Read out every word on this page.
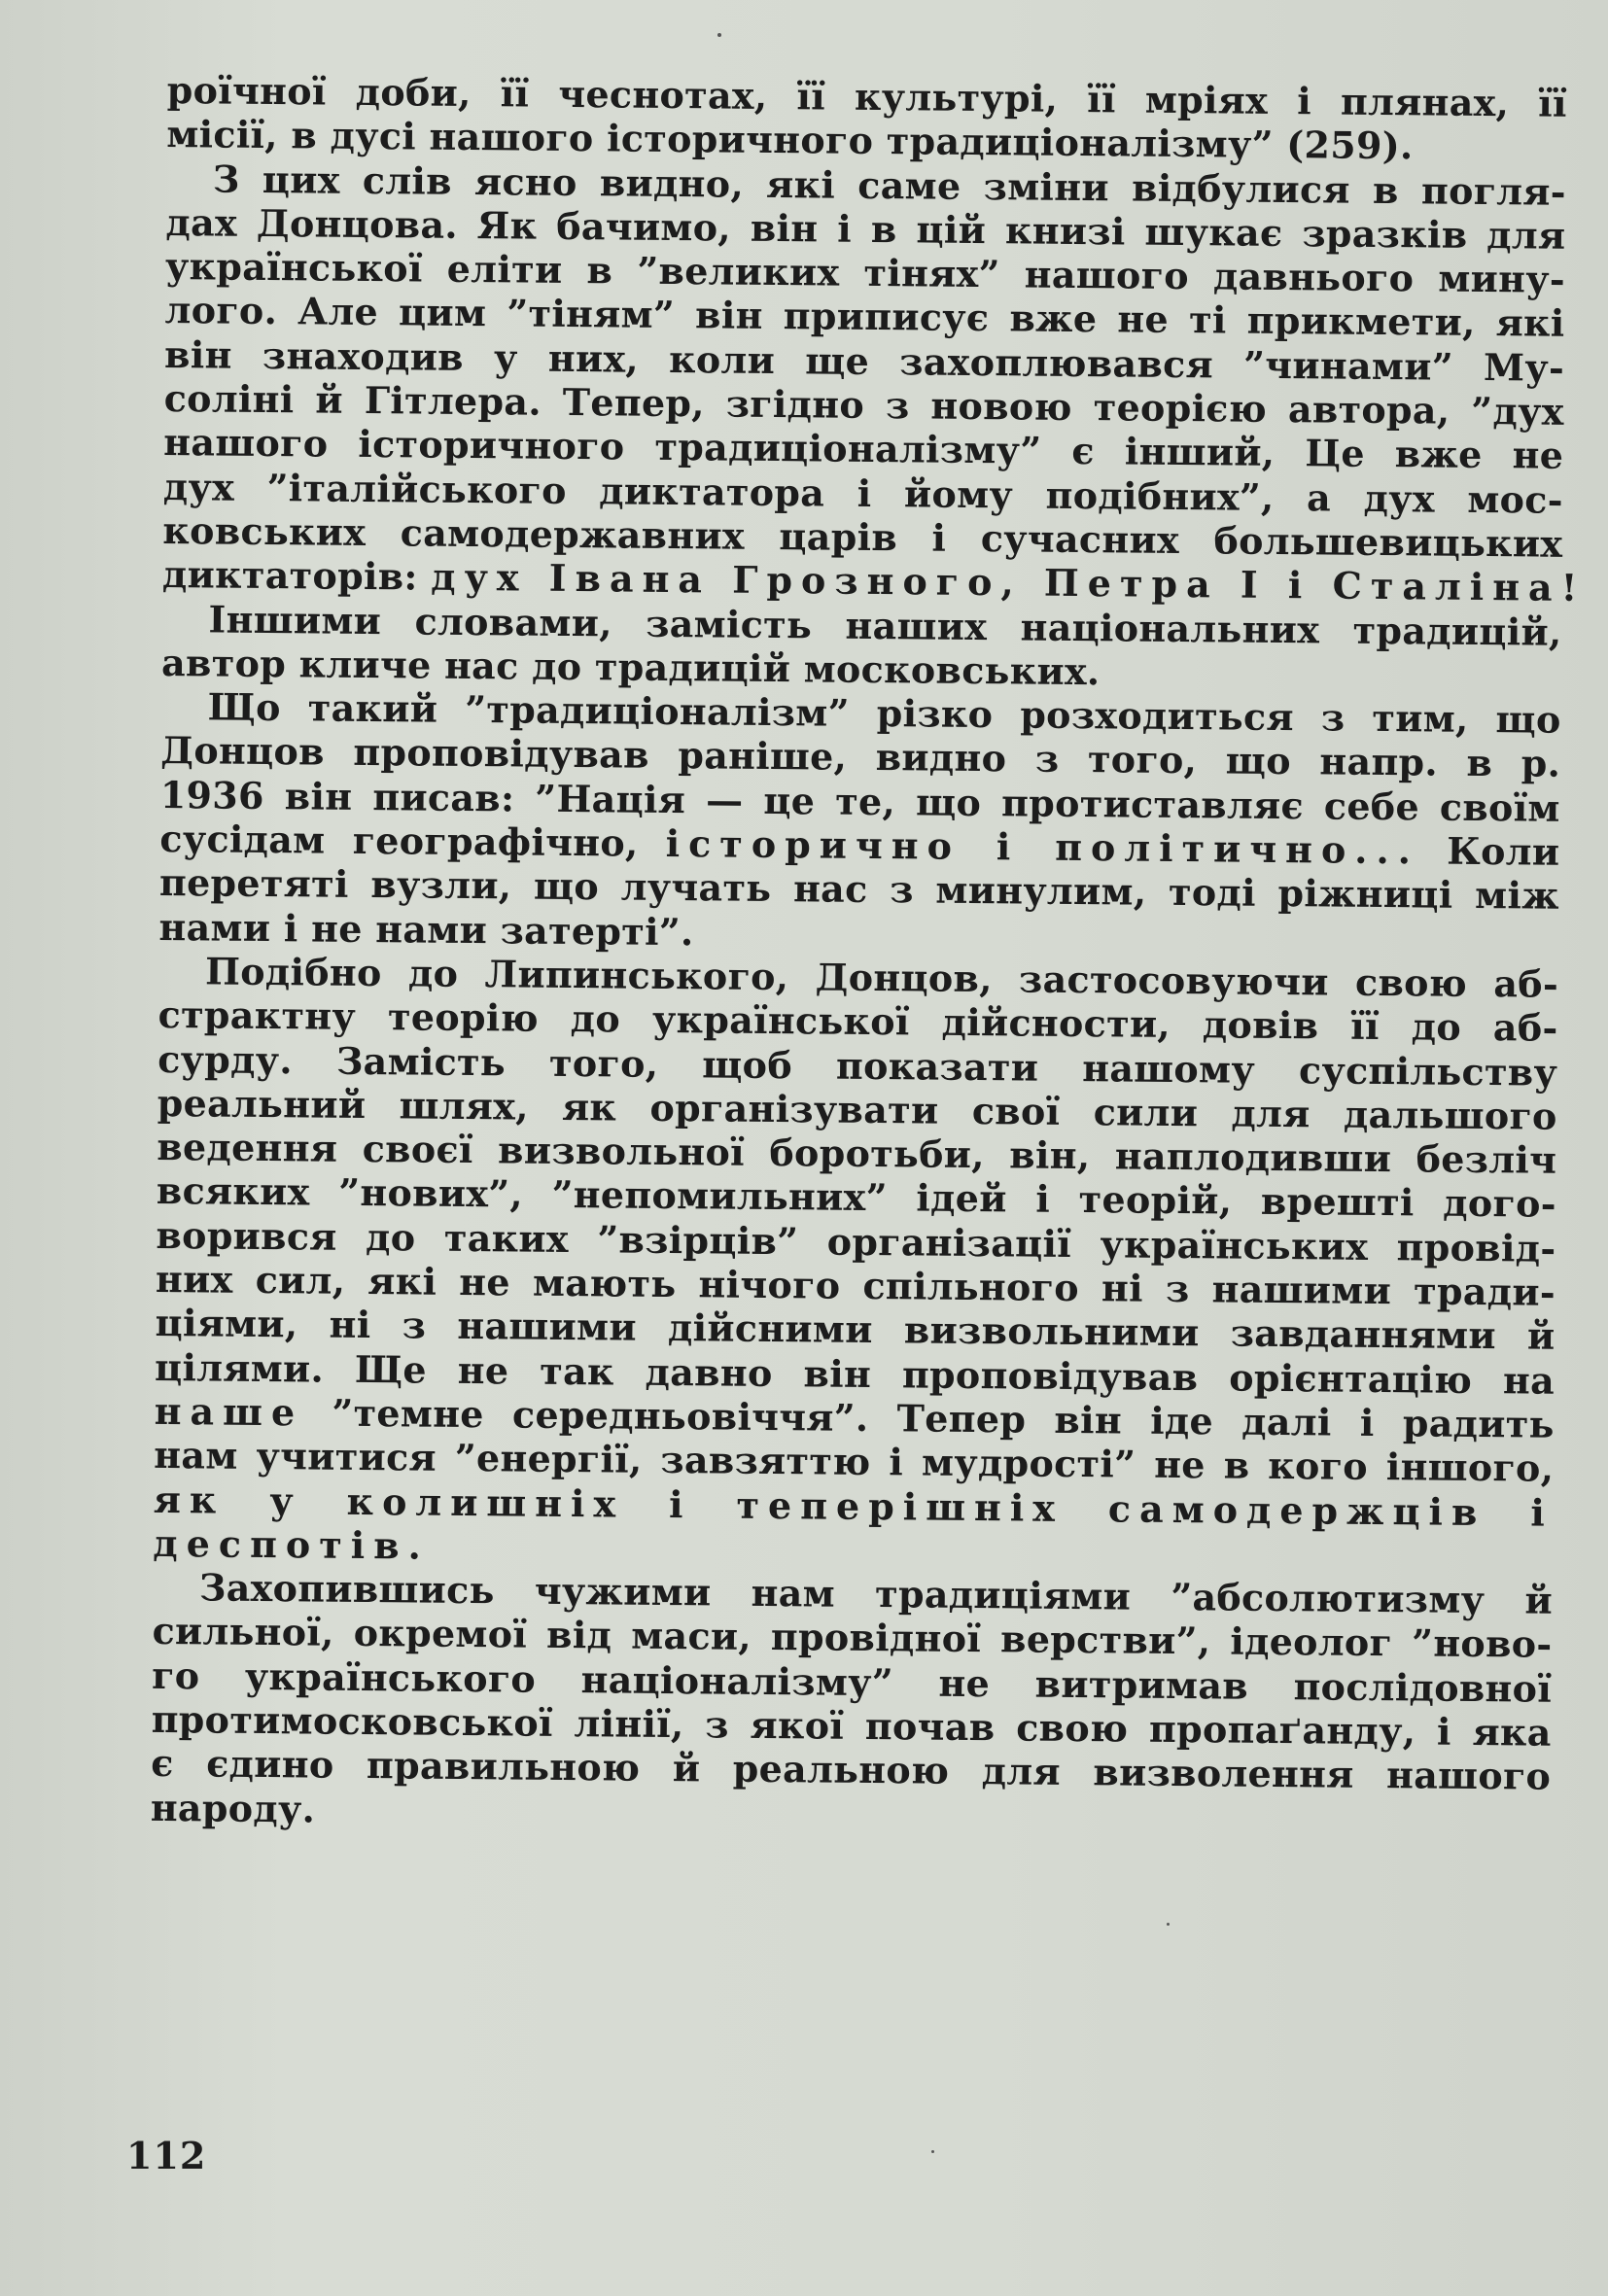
роїчної доби, її чеснотах, її культурі, її мріях і плянах, її
місії, в дусі нашого історичного традиціоналізму” (259).
З цих слів ясно видно, які саме зміни відбулися в погля-
дах Донцова. Як бачимо, він і в цій книзі шукає зразків для
української еліти в ”великих тінях” нашого давнього мину-
лого. Але цим ”тіням” він приписує вже не ті прикмети, які
він знаходив у них, коли ще захоплювався ”чинами” Му-
соліні й Гітлера. Тепер, згідно з новою теорією автора, ”дух
нашого історичного традиціоналізму” є інший, Це вже не
дух ”італійського диктатора і йому подібних”, а дух мос-
ковських самодержавних царів і сучасних большевицьких
диктаторів: дух Івана Грозного, Петра І і Сталіна!
Іншими словами, замість наших національних традицій,
автор кличе нас до традицій московських.
Що такий ”традиціоналізм” різко розходиться з тим, що
Донцов проповідував раніше, видно з того, що напр. в р.
1936 він писав: ”Нація — це те, що протиставляє себе своїм
сусідам географічно, історично і політично... Коли
перетяті вузли, що лучать нас з минулим, тоді ріжниці між
нами і не нами затерті”.
Подібно до Липинського, Донцов, застосовуючи свою аб-
страктну теорію до української дійсности, довів її до аб-
сурду. Замість того, щоб показати нашому суспільству
реальний шлях, як організувати свої сили для дальшого
ведення своєї визвольної боротьби, він, наплодивши безліч
всяких ”нових”, ”непомильних” ідей і теорій, врешті дого-
ворився до таких ”взірців” організації українських провід-
них сил, які не мають нічого спільного ні з нашими тради-
ціями, ні з нашими дійсними визвольними завданнями й
цілями. Ще не так давно він проповідував орієнтацію на
наше ”темне середньовіччя”. Тепер він іде далі і радить
нам учитися ”енергії, завзяттю і мудрості” не в кого іншого,
як у колишніх і теперішніх самодержців і
деспотів.
Захопившись чужими нам традиціями ”абсолютизму й
сильної, окремої від маси, провідної верстви”, ідеолог ”ново-
го українського націоналізму” не витримав послідовної
протимосковської лінії, з якої почав свою пропаґанду, і яка
є єдино правильною й реальною для визволення нашого
народу.
112
